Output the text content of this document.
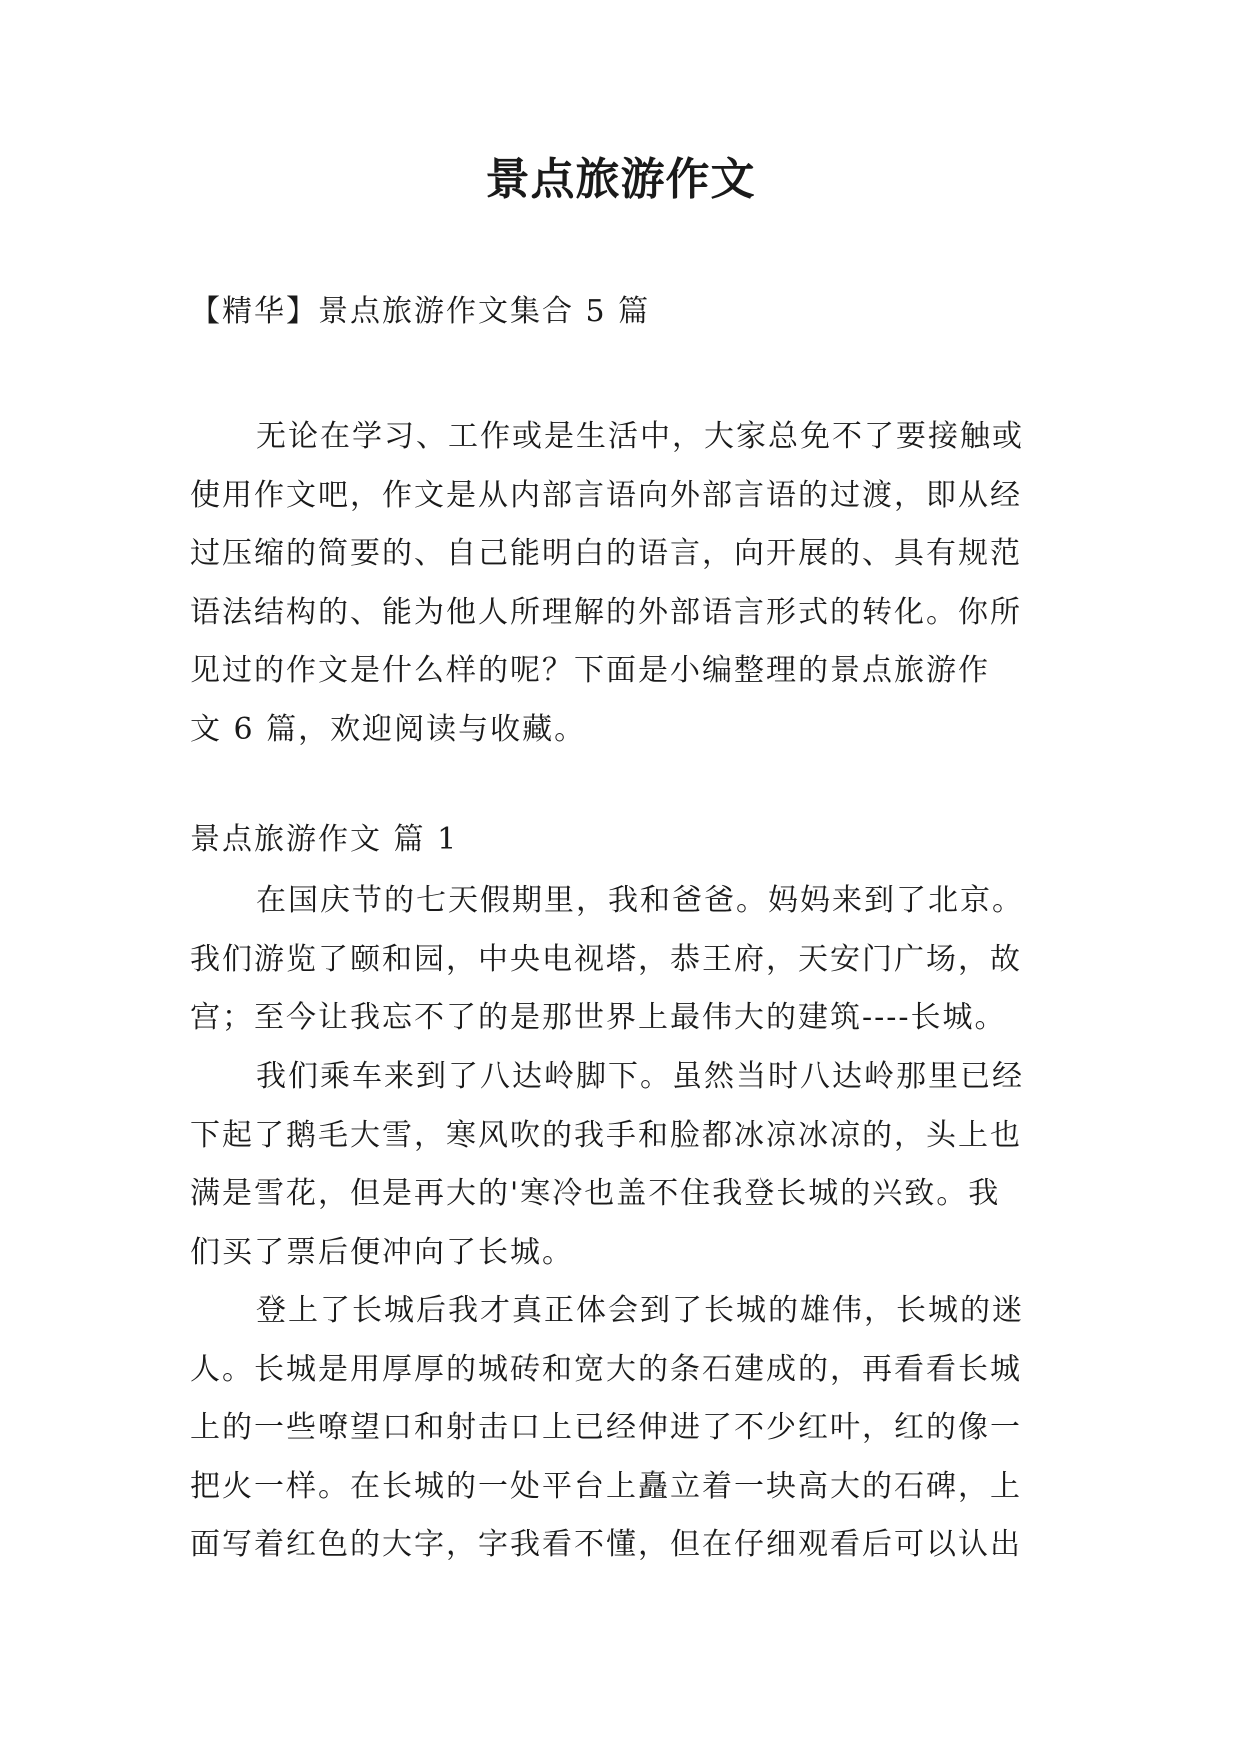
景点旅游作文

【精华】景点旅游作文集合 5 篇

无论在学习、工作或是生活中，大家总免不了要接触或
使用作文吧，作文是从内部言语向外部言语的过渡，即从经
过压缩的简要的、自己能明白的语言，向开展的、具有规范
语法结构的、能为他人所理解的外部语言形式的转化。你所
见过的作文是什么样的呢？下面是小编整理的景点旅游作
文 6 篇，欢迎阅读与收藏。

景点旅游作文 篇 1

在国庆节的七天假期里，我和爸爸。妈妈来到了北京。
我们游览了颐和园，中央电视塔，恭王府，天安门广场，故
宫；至今让我忘不了的是那世界上最伟大的建筑----长城。

我们乘车来到了八达岭脚下。虽然当时八达岭那里已经
下起了鹅毛大雪，寒风吹的我手和脸都冰凉冰凉的，头上也
满是雪花，但是再大的'寒冷也盖不住我登长城的兴致。我
们买了票后便冲向了长城。

登上了长城后我才真正体会到了长城的雄伟，长城的迷
人。长城是用厚厚的城砖和宽大的条石建成的，再看看长城
上的一些嘹望口和射击口上已经伸进了不少红叶，红的像一
把火一样。在长城的一处平台上矗立着一块高大的石碑，上
面写着红色的大字，字我看不懂，但在仔细观看后可以认出
